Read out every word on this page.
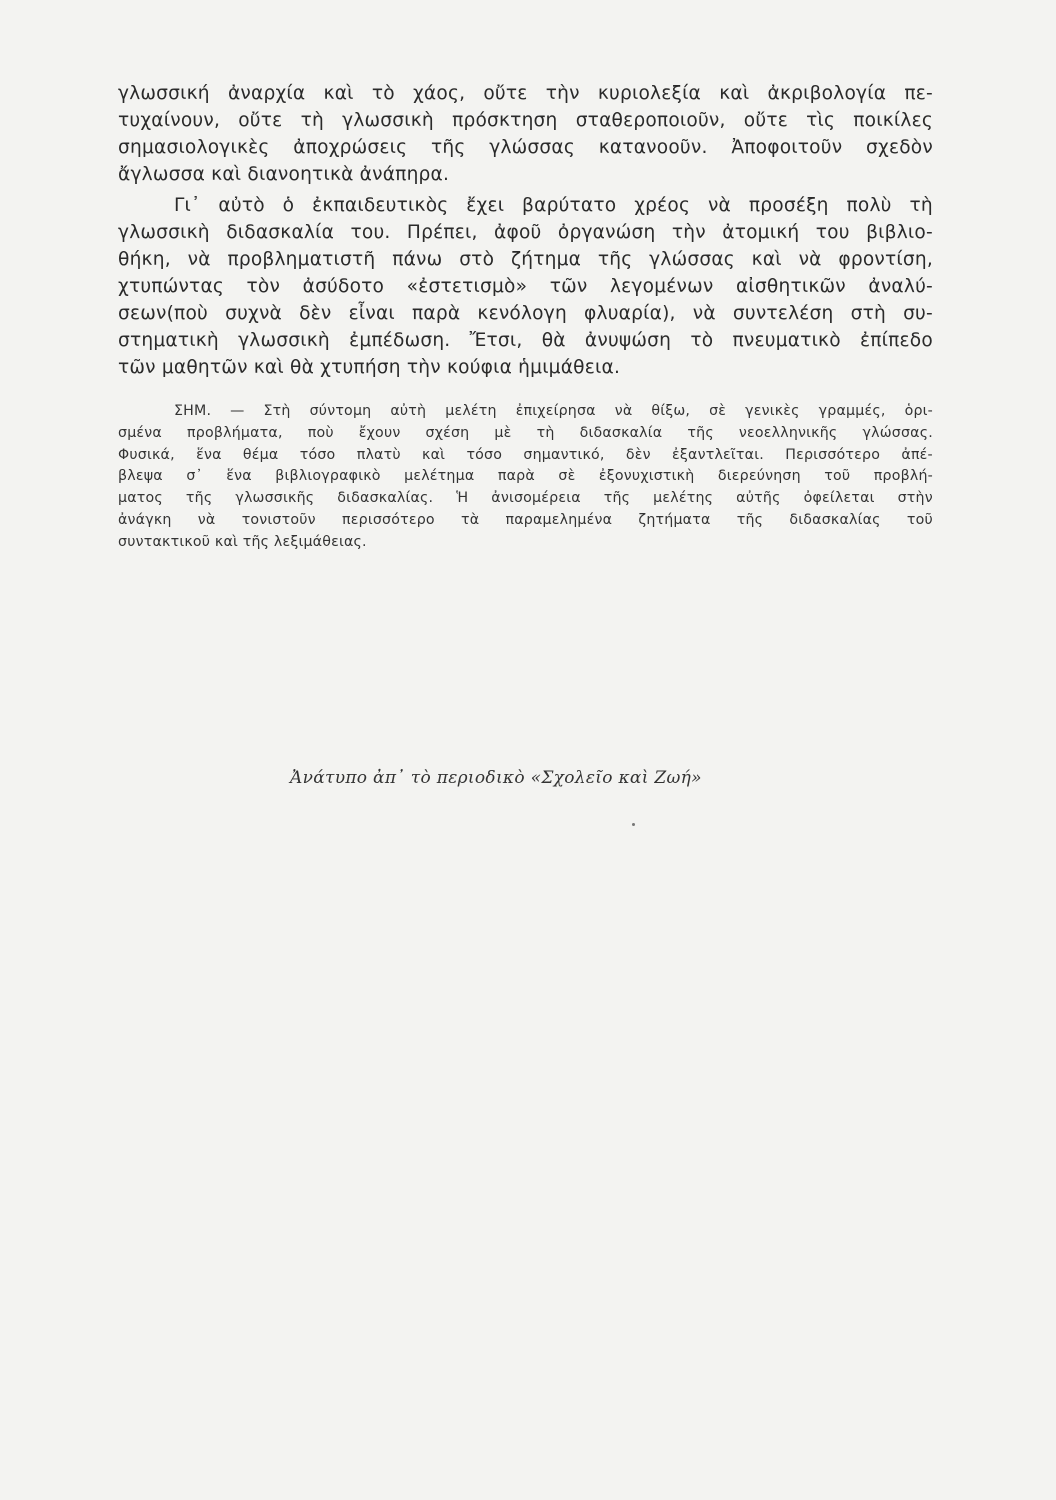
γλωσσική ἀναρχία καὶ τὸ χάος, οὔτε τὴν κυριολεξία καὶ ἀκριβολογία πε-
τυχαίνουν, οὔτε τὴ γλωσσικὴ πρόσκτηση σταθεροποιοῦν, οὔτε τὶς ποικίλες
σημασιολογικὲς ἀποχρώσεις τῆς γλώσσας κατανοοῦν. Ἀποφοιτοῦν σχεδὸν
ἄγλωσσα καὶ διανοητικὰ ἀνάπηρα.
Γι᾿ αὐτὸ ὁ ἐκπαιδευτικὸς ἔχει βαρύτατο χρέος νὰ προσέξη πολὺ τὴ
γλωσσικὴ διδασκαλία του. Πρέπει, ἀφοῦ ὀργανώση τὴν ἀτομική του βιβλιο-
θήκη, νὰ προβληματιστῆ πάνω στὸ ζήτημα τῆς γλώσσας καὶ νὰ φροντίση,
χτυπώντας τὸν ἀσύδοτο «ἐστετισμὸ» τῶν λεγομένων αἰσθητικῶν ἀναλύ-
σεων(ποὺ συχνὰ δὲν εἶναι παρὰ κενόλογη φλυαρία), νὰ συντελέση στὴ συ-
στηματικὴ γλωσσικὴ ἐμπέδωση. Ἔτσι, θὰ ἀνυψώση τὸ πνευματικὸ ἐπίπεδο
τῶν μαθητῶν καὶ θὰ χτυπήση τὴν κούφια ἡμιμάθεια.
ΣΗΜ. — Στὴ σύντομη αὐτὴ μελέτη ἐπιχείρησα νὰ θίξω, σὲ γενικὲς γραμμές, ὁρι-
σμένα προβλήματα, ποὺ ἔχουν σχέση μὲ τὴ διδασκαλία τῆς νεοελληνικῆς γλώσσας.
Φυσικά, ἕνα θέμα τόσο πλατὺ καὶ τόσο σημαντικό, δὲν ἐξαντλεῖται. Περισσότερο ἀπέ-
βλεψα σ᾿ ἕνα βιβλιογραφικὸ μελέτημα παρὰ σὲ ἐξονυχιστικὴ διερεύνηση τοῦ προβλή-
ματος τῆς γλωσσικῆς διδασκαλίας. Ἡ ἀνισομέρεια τῆς μελέτης αὐτῆς ὀφείλεται στὴν
ἀνάγκη νὰ τονιστοῦν περισσότερο τὰ παραμελημένα ζητήματα τῆς διδασκαλίας τοῦ
συντακτικοῦ καὶ τῆς λεξιμάθειας.
Ἀνάτυπο ἀπ᾿ τὸ περιοδικὸ «Σχολεῖο καὶ Ζωή»
